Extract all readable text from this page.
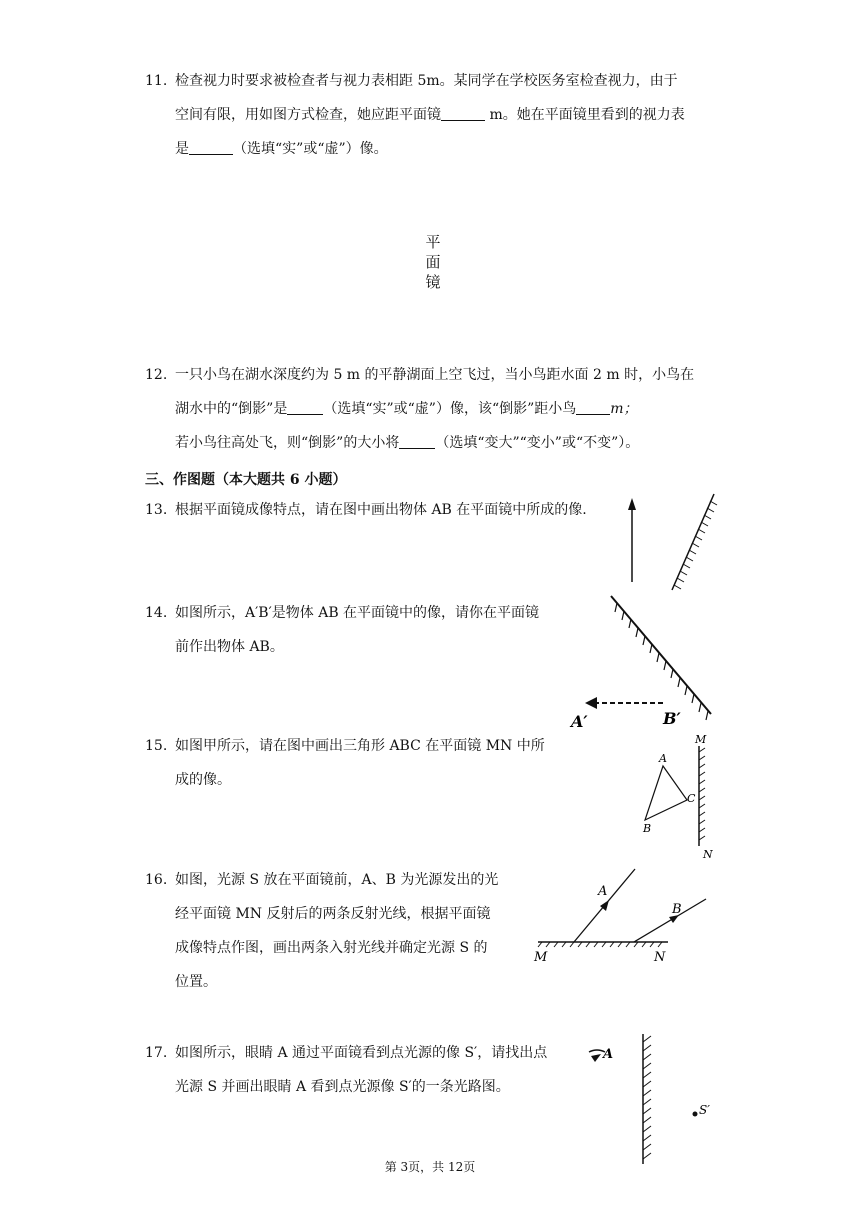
11. 检查视力时要求被检查者与视力表相距 5m。某同学在学校医务室检查视力，由于
空间有限，用如图方式检查，她应距平面镜	m。她在平面镜里看到的视力表
是	（选填“实”或“虚”）像。
平
面
镜
12. 一只小鸟在湖水深度约为 5 m 的平静湖面上空飞过，当小鸟距水面 2 m 时，小鸟在
湖水中的“倒影”是	（选填“实”或“虚”）像，该“倒影”距小鸟 m；
若小鸟往高处飞，则“倒影”的大小将	（选填“变大”“变小”或“不变”）。
三、作图题（本大题共 6 小题）
13. 根据平面镜成像特点，请在图中画出物体 AB 在平面镜中所成的像.
14. 如图所示，A′B′是物体 AB 在平面镜中的像，请你在平面镜
前作出物体 AB。
A′	B′
15. 如图甲所示，请在图中画出三角形 ABC 在平面镜 MN 中所
成的像。
M
N
A
B
C
16. 如图，光源 S 放在平面镜前，A、B 为光源发出的光
经平面镜 MN 反射后的两条反射光线，根据平面镜
成像特点作图，画出两条入射光线并确定光源 S 的
位置。
A
B
M	N
17. 如图所示，眼睛 A 通过平面镜看到点光源的像 S′，请找出点
光源 S 并画出眼睛 A 看到点光源像 S′的一条光路图。
A
S′
第 3页，共 12页
